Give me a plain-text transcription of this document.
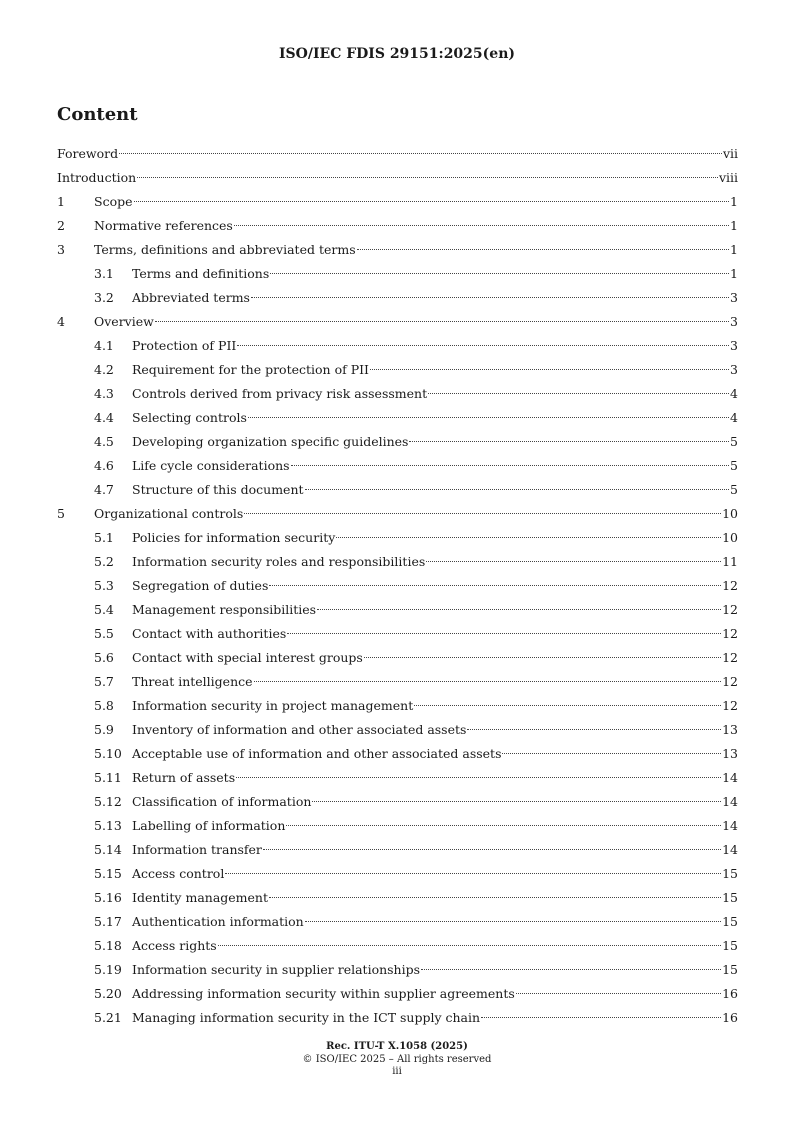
ISO/IEC FDIS 29151:2025(en)
Content
Foreword	vii
Introduction	viii
1	Scope	1
2	Normative references	1
3	Terms, definitions and abbreviated terms	1
3.1	Terms and definitions	1
3.2	Abbreviated terms	3
4	Overview	3
4.1	Protection of PII	3
4.2	Requirement for the protection of PII	3
4.3	Controls derived from privacy risk assessment	4
4.4	Selecting controls	4
4.5	Developing organization specific guidelines	5
4.6	Life cycle considerations	5
4.7	Structure of this document	5
5	Organizational controls	10
5.1	Policies for information security	10
5.2	Information security roles and responsibilities	11
5.3	Segregation of duties	12
5.4	Management responsibilities	12
5.5	Contact with authorities	12
5.6	Contact with special interest groups	12
5.7	Threat intelligence	12
5.8	Information security in project management	12
5.9	Inventory of information and other associated assets	13
5.10 Acceptable use of information and other associated assets	13
5.11 Return of assets	14
5.12 Classification of information	14
5.13 Labelling of information	14
5.14 Information transfer	14
5.15 Access control	15
5.16 Identity management	15
5.17 Authentication information	15
5.18 Access rights	15
5.19 Information security in supplier relationships	15
5.20 Addressing information security within supplier agreements	16
5.21 Managing information security in the ICT supply chain	16
Rec. ITU-T X.1058 (2025)
© ISO/IEC 2025 – All rights reserved
iii
